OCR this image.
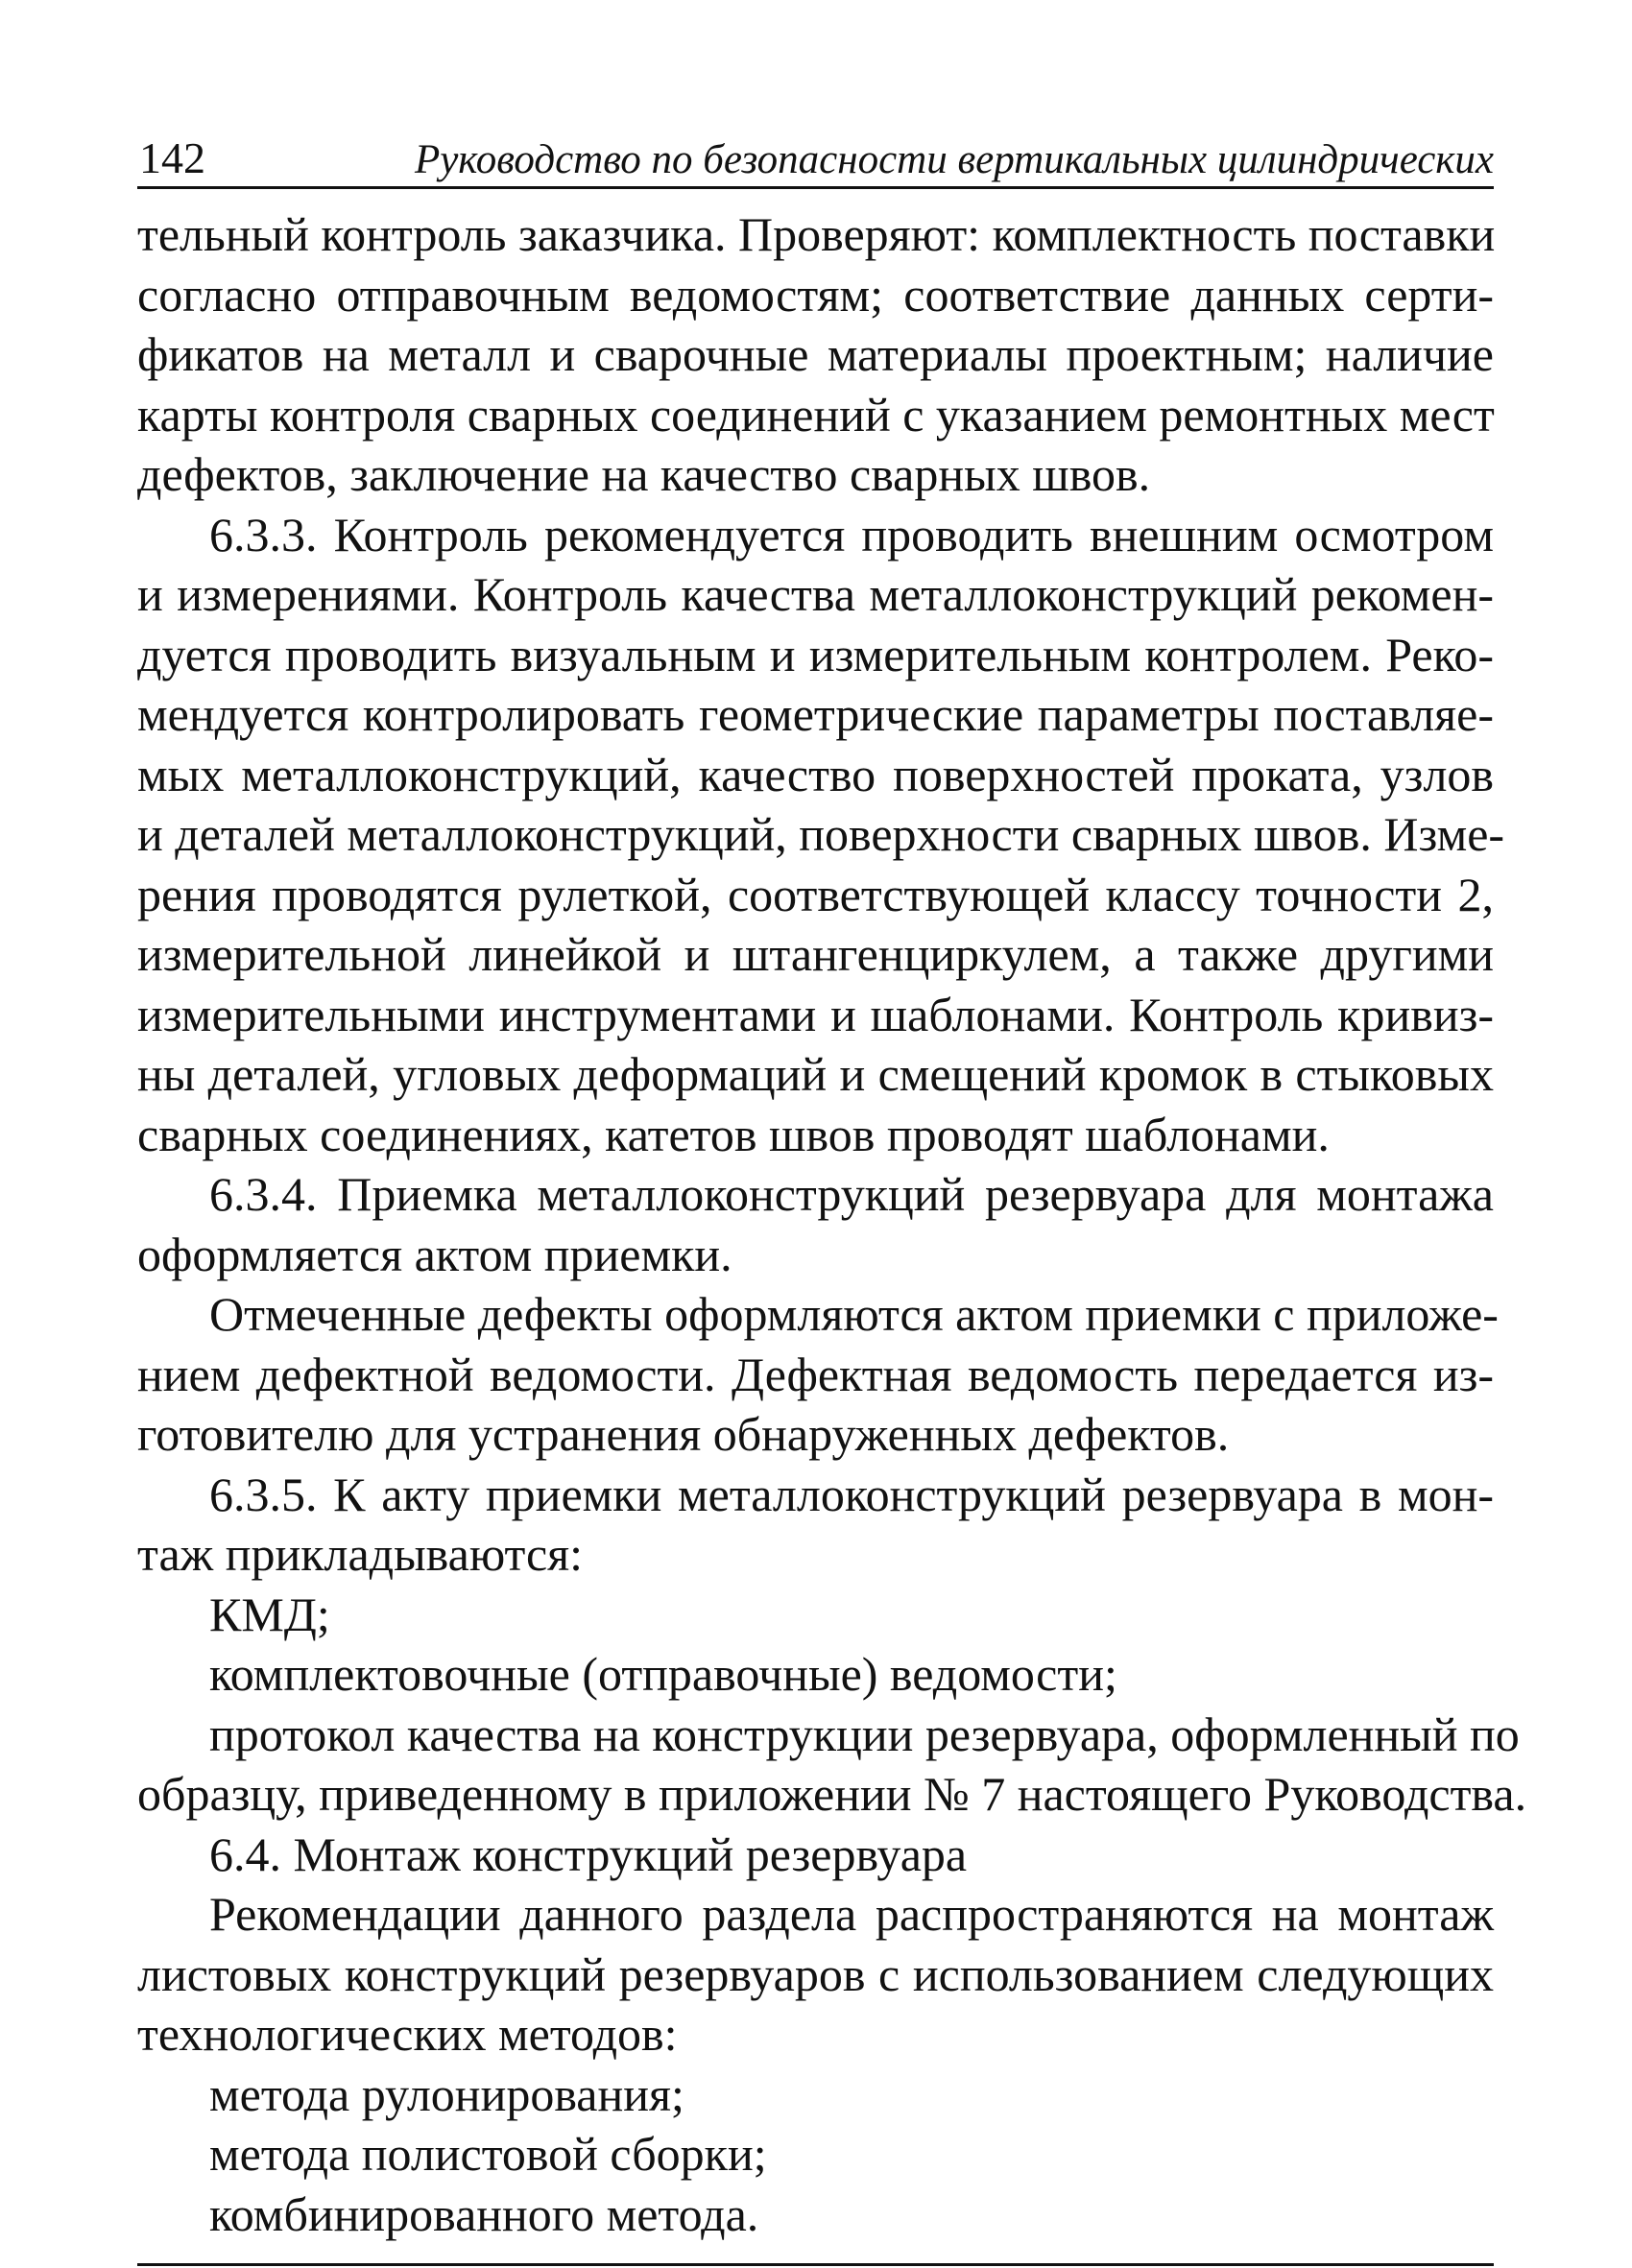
142	Руководство по безопасности вертикальных цилиндрических
тельный контроль заказчика. Проверяют: комплектность поставки
согласно отправочным ведомостям; соответствие данных серти-
фикатов на металл и сварочные материалы проектным; наличие
карты контроля сварных соединений с указанием ремонтных мест
дефектов, заключение на качество сварных швов.
6.3.3. Контроль рекомендуется проводить внешним осмотром
и измерениями. Контроль качества металлоконструкций рекомен-
дуется проводить визуальным и измерительным контролем. Реко-
мендуется контролировать геометрические параметры поставляе-
мых металлоконструкций, качество поверхностей проката, узлов
и деталей металлоконструкций, поверхности сварных швов. Изме-
рения проводятся рулеткой, соответствующей классу точности 2,
измерительной линейкой и штангенциркулем, а также другими
измерительными инструментами и шаблонами. Контроль кривиз-
ны деталей, угловых деформаций и смещений кромок в стыковых
сварных соединениях, катетов швов проводят шаблонами.
6.3.4. Приемка металлоконструкций резервуара для монтажа
оформляется актом приемки.
Отмеченные дефекты оформляются актом приемки с приложе-
нием дефектной ведомости. Дефектная ведомость передается из-
готовителю для устранения обнаруженных дефектов.
6.3.5. К акту приемки металлоконструкций резервуара в мон-
таж прикладываются:
КМД;
комплектовочные (отправочные) ведомости;
протокол качества на конструкции резервуара, оформленный по
образцу, приведенному в приложении № 7 настоящего Руководства.
6.4. Монтаж конструкций резервуара
Рекомендации данного раздела распространяются на монтаж
листовых конструкций резервуаров с использованием следующих
технологических методов:
метода рулонирования;
метода полистовой сборки;
комбинированного метода.
